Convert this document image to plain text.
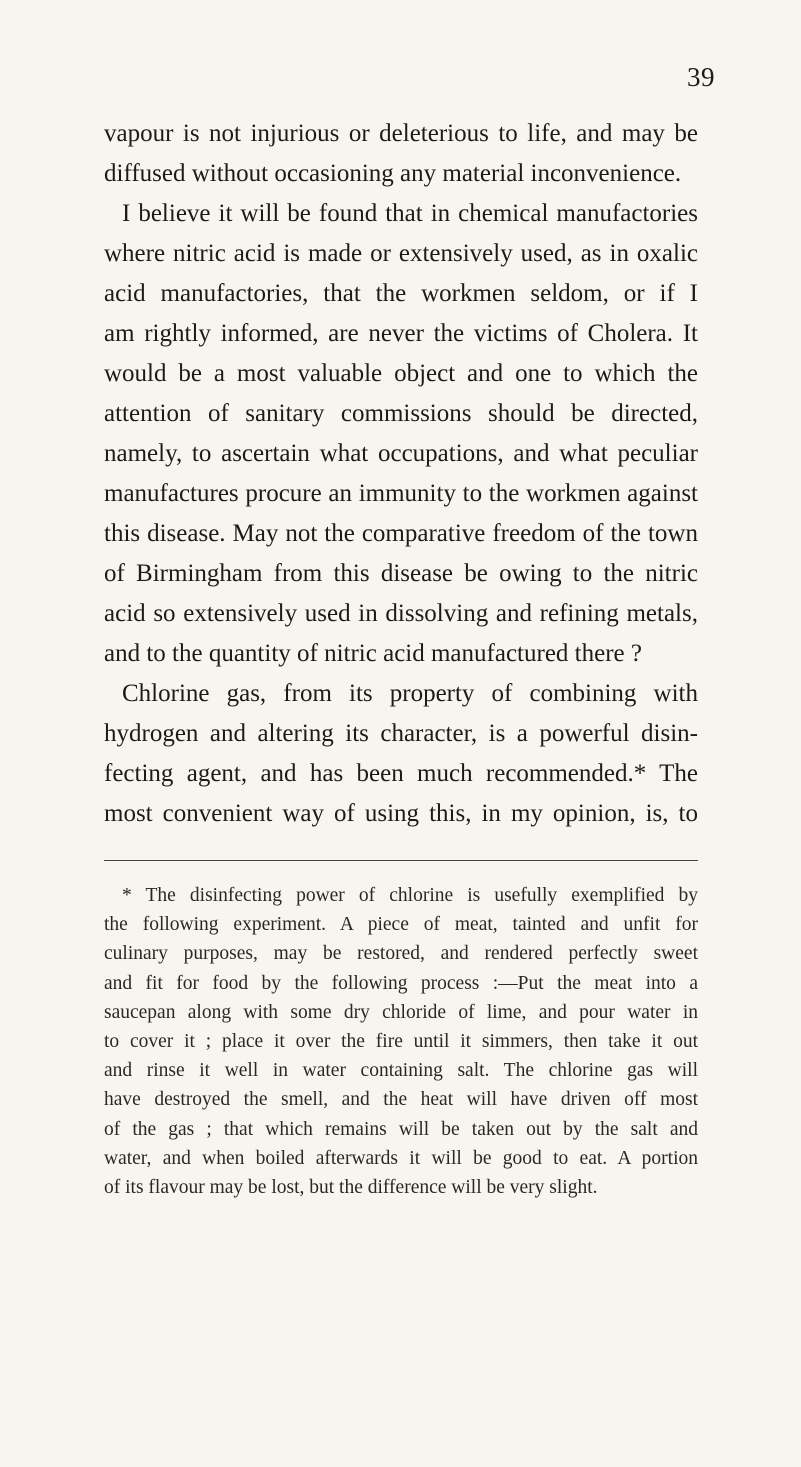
39
vapour is not injurious or deleterious to life, and may be
diffused without occasioning any material inconvenience.
I believe it will be found that in chemical manufactories
where nitric acid is made or extensively used, as in oxalic
acid manufactories, that the workmen seldom, or if I
am rightly informed, are never the victims of Cholera. It
would be a most valuable object and one to which the
attention of sanitary commissions should be directed,
namely, to ascertain what occupations, and what peculiar
manufactures procure an immunity to the workmen against
this disease. May not the comparative freedom of the town
of Birmingham from this disease be owing to the nitric
acid so extensively used in dissolving and refining metals,
and to the quantity of nitric acid manufactured there ?
Chlorine gas, from its property of combining with
hydrogen and altering its character, is a powerful disin-
fecting agent, and has been much recommended.* The
most convenient way of using this, in my opinion, is, to
* The disinfecting power of chlorine is usefully exemplified by
the following experiment. A piece of meat, tainted and unfit for
culinary purposes, may be restored, and rendered perfectly sweet
and fit for food by the following process :—Put the meat into a
saucepan along with some dry chloride of lime, and pour water in
to cover it ; place it over the fire until it simmers, then take it out
and rinse it well in water containing salt. The chlorine gas will
have destroyed the smell, and the heat will have driven off most
of the gas ; that which remains will be taken out by the salt and
water, and when boiled afterwards it will be good to eat. A portion
of its flavour may be lost, but the difference will be very slight.
